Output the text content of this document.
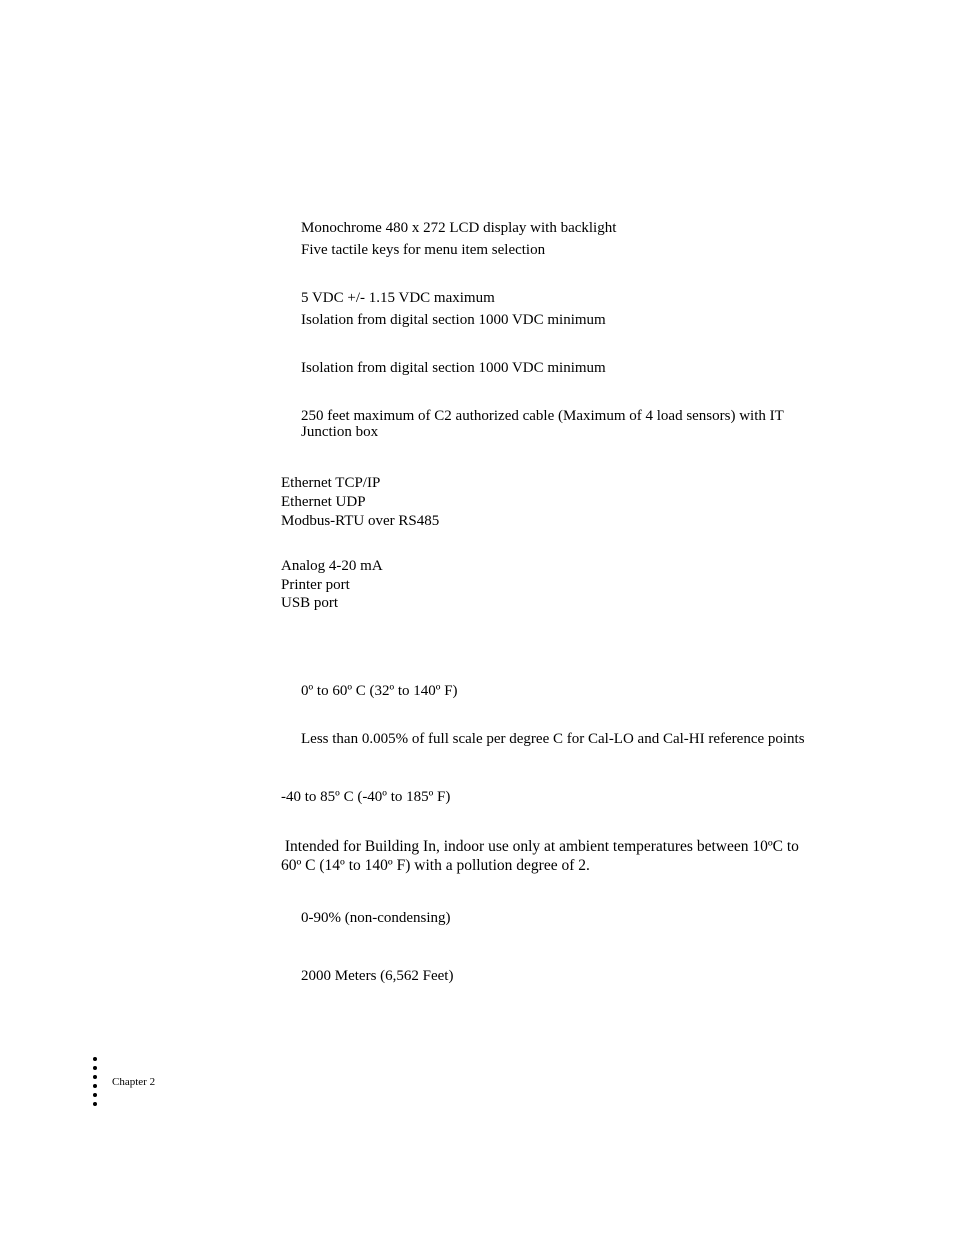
Monochrome 480 x 272 LCD display with backlight
Five tactile keys for menu item selection
5 VDC +/- 1.15 VDC maximum
Isolation from digital section 1000 VDC minimum
Isolation from digital section 1000 VDC minimum
250 feet maximum of C2 authorized cable (Maximum of 4 load sensors) with IT
Junction box
Ethernet TCP/IP
Ethernet UDP
Modbus-RTU over RS485
Analog 4-20 mA
Printer port
USB port
0º to 60º C (32º to 140º F)
Less than 0.005% of full scale per degree C for Cal-LO and Cal-HI reference points
-40 to 85º C (-40º to 185º F)
Intended for Building In, indoor use only at ambient temperatures between 10ºC to
60º C (14º to 140º F) with a pollution degree of 2.
0-90% (non-condensing)
2000 Meters (6,562 Feet)
Chapter 2
